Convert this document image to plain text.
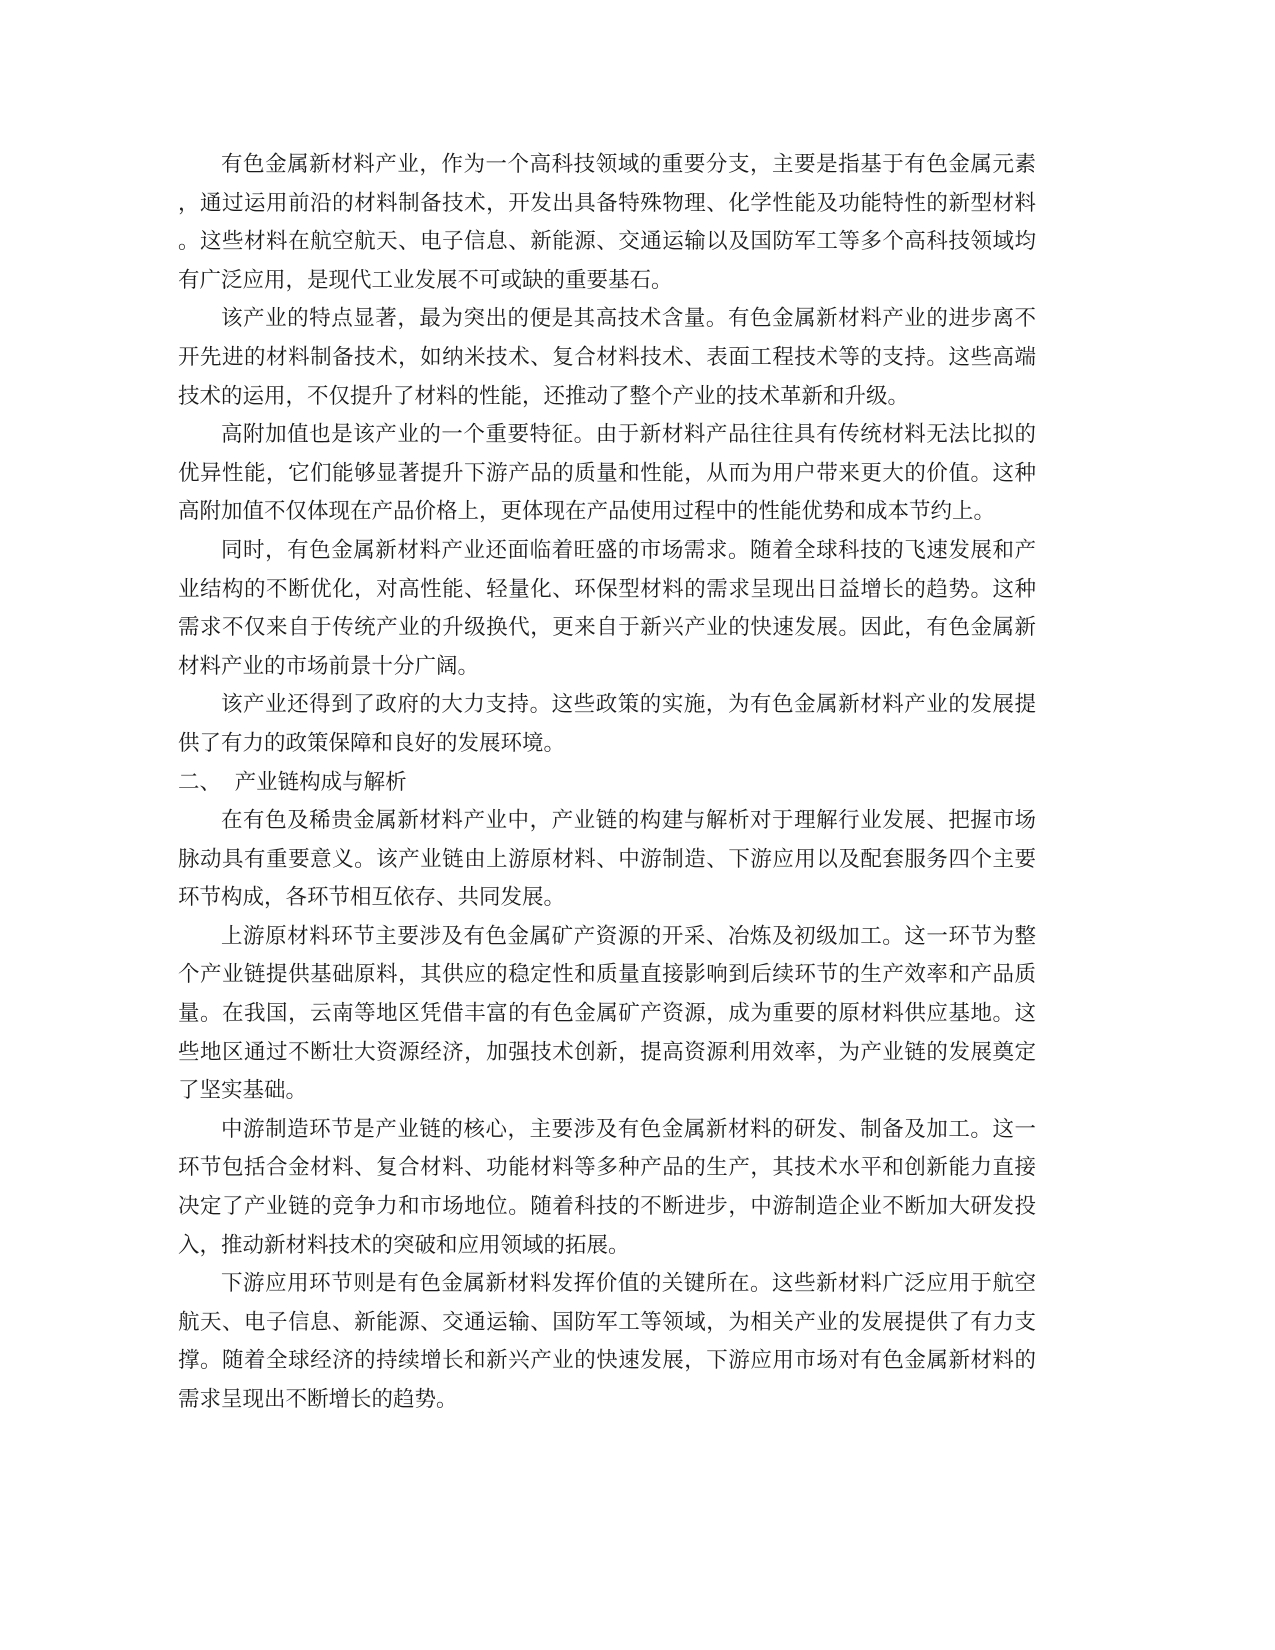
有色金属新材料产业，作为一个高科技领域的重要分支，主要是指基于有色金属元素，通过运用前沿的材料制备技术，开发出具备特殊物理、化学性能及功能特性的新型材料。这些材料在航空航天、电子信息、新能源、交通运输以及国防军工等多个高科技领域均有广泛应用，是现代工业发展不可或缺的重要基石。

该产业的特点显著，最为突出的便是其高技术含量。有色金属新材料产业的进步离不开先进的材料制备技术，如纳米技术、复合材料技术、表面工程技术等的支持。这些高端技术的运用，不仅提升了材料的性能，还推动了整个产业的技术革新和升级。

高附加值也是该产业的一个重要特征。由于新材料产品往往具有传统材料无法比拟的优异性能，它们能够显著提升下游产品的质量和性能，从而为用户带来更大的价值。这种高附加值不仅体现在产品价格上，更体现在产品使用过程中的性能优势和成本节约上。

同时，有色金属新材料产业还面临着旺盛的市场需求。随着全球科技的飞速发展和产业结构的不断优化，对高性能、轻量化、环保型材料的需求呈现出日益增长的趋势。这种需求不仅来自于传统产业的升级换代，更来自于新兴产业的快速发展。因此，有色金属新材料产业的市场前景十分广阔。

该产业还得到了政府的大力支持。这些政策的实施，为有色金属新材料产业的发展提供了有力的政策保障和良好的发展环境。

二、  产业链构成与解析

在有色及稀贵金属新材料产业中，产业链的构建与解析对于理解行业发展、把握市场脉动具有重要意义。该产业链由上游原材料、中游制造、下游应用以及配套服务四个主要环节构成，各环节相互依存、共同发展。

上游原材料环节主要涉及有色金属矿产资源的开采、冶炼及初级加工。这一环节为整个产业链提供基础原料，其供应的稳定性和质量直接影响到后续环节的生产效率和产品质量。在我国，云南等地区凭借丰富的有色金属矿产资源，成为重要的原材料供应基地。这些地区通过不断壮大资源经济，加强技术创新，提高资源利用效率，为产业链的发展奠定了坚实基础。

中游制造环节是产业链的核心，主要涉及有色金属新材料的研发、制备及加工。这一环节包括合金材料、复合材料、功能材料等多种产品的生产，其技术水平和创新能力直接决定了产业链的竞争力和市场地位。随着科技的不断进步，中游制造企业不断加大研发投入，推动新材料技术的突破和应用领域的拓展。

下游应用环节则是有色金属新材料发挥价值的关键所在。这些新材料广泛应用于航空航天、电子信息、新能源、交通运输、国防军工等领域，为相关产业的发展提供了有力支撑。随着全球经济的持续增长和新兴产业的快速发展，下游应用市场对有色金属新材料的需求呈现出不断增长的趋势。
